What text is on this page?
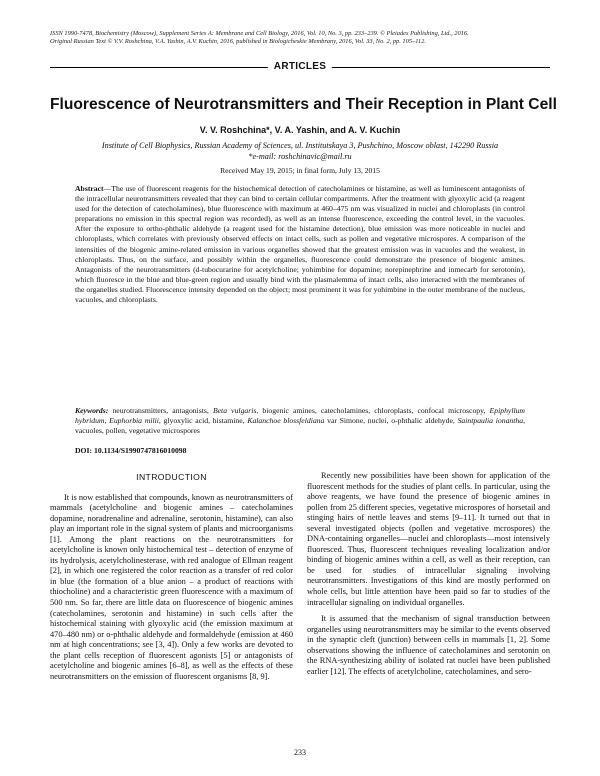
ISSN 1990-7478, Biochemistry (Moscow), Supplement Series A: Membrane and Cell Biology, 2016, Vol. 10, No. 3, pp. 233–239. © Pleiades Publishing, Ltd., 2016.
Original Russian Text © V.V. Roshchina, V.A. Yashin, A.V. Kuchin, 2016, published in Biologicheskie Membrany, 2016, Vol. 33, No. 2, pp. 105–112.
ARTICLES
Fluorescence of Neurotransmitters and Their Reception in Plant Cell
V. V. Roshchina*, V. A. Yashin, and A. V. Kuchin
Institute of Cell Biophysics, Russian Academy of Sciences, ul. Institutskaya 3, Pushchino, Moscow oblast, 142290 Russia
*e-mail: roshchinavic@mail.ru
Received May 19, 2015; in final form, July 13, 2015
Abstract—The use of fluorescent reagents for the histochemical detection of catecholamines or histamine, as well as luminescent antagonists of the intracellular neurotransmitters revealed that they can bind to certain cellular compartments. After the treatment with glyoxylic acid (a reagent used for the detection of catecholamines), blue fluorescence with maximum at 460–475 nm was visualized in nuclei and chloroplasts (in control preparations no emission in this spectral region was recorded), as well as an intense fluorescence, exceeding the control level, in the vacuoles. After the exposure to ortho-phthalic aldehyde (a reagent used for the histamine detection), blue emission was more noticeable in nuclei and chloroplasts, which correlates with previously observed effects on intact cells, such as pollen and vegetative microspores. A comparison of the intensities of the biogenic amine-related emission in various organelles showed that the greatest emission was in vacuoles and the weakest, in chloroplasts. Thus, on the surface, and possibly within the organelles, fluorescence could demonstrate the presence of biogenic amines. Antagonists of the neurotransmitters (d-tubocurarine for acetylcholine; yohimbine for dopamine; norepinephrine and inmecarb for serotonin), which fluoresce in the blue and blue-green region and usually bind with the plasmalemma of intact cells, also interacted with the membranes of the organelles studied. Fluorescence intensity depended on the object; most prominent it was for yohimbine in the outer membrane of the nucleus, vacuoles, and chloroplasts.
Keywords: neurotransmitters, antagonists, Beta vulgaris, biogenic amines, catecholamines, chloroplasts, confocal microscopy, Epiphyllum hybridum, Euphorbia milii, glyoxylic acid, histamine, Kalanchoe blossfeldiana var Simone, nuclei, o-phthalic aldehyde, Saintpaulia ionantha, vacuoles, pollen, vegetative microspores
DOI: 10.1134/S1990747816010098
INTRODUCTION

It is now established that compounds, known as neurotransmitters of mammals (acetylcholine and biogenic amines – catecholamines dopamine, noradrenaline and adrenaline, serotonin, histamine), can also play an important role in the signal system of plants and microorganisms [1]. Among the plant reactions on the neurotransmitters for acetylcholine is known only histochemical test – detection of enzyme of its hydrolysis, acetylcholinesterase, with red analogue of Ellman reagent [2], in which one registered the color reaction as a transfer of red color in blue (the formation of a blue anion – a product of reactions with thiocholine) and a characteristic green fluorescence with a maximum of 500 nm. So far, there are little data on fluorescence of biogenic amines (catecholamines, serotonin and histamine) in such cells after the histochemical staining with glyoxylic acid (the emission maximum at 470–480 nm) or o-phthalic aldehyde and formaldehyde (emission at 460 nm at high concentrations; see [3, 4]). Only a few works are devoted to the plant cells reception of fluorescent agonists [5] or antagonists of acetylcholine and biogenic amines [6–8], as well as the effects of these neurotransmitters on the emission of fluorescent organisms [8, 9].

Recently new possibilities have been shown for application of the fluorescent methods for the studies of plant cells. In particular, using the above reagents, we have found the presence of biogenic amines in pollen from 25 different species, vegetative microspores of horsetail and stinging hairs of nettle leaves and stems [9–11]. It turned out that in several investigated objects (pollen and vegetative mcrospores) the DNA-containing organelles—nuclei and chloroplasts—most intensively fluoresced. Thus, fluorescent techniques revealing localization and/or binding of biogenic amines within a cell, as well as their reception, can be used for studies of intracellular signaling involving neurotransmitters. Investigations of this kind are mostly performed on whole cells, but little attention have been paid so far to studies of the intracellular signaling on individual organelles.

It is assumed that the mechanism of signal transduction between organelles using neurotransmitters may be similar to the events observed in the synaptic cleft (junction) between cells in mammals [1, 2]. Some observations showing the influence of catecholamines and serotonin on the RNA-synthesizing ability of isolated rat nuclei have been published earlier [12]. The effects of acetylcholine, catecholamines, and sero-

233
